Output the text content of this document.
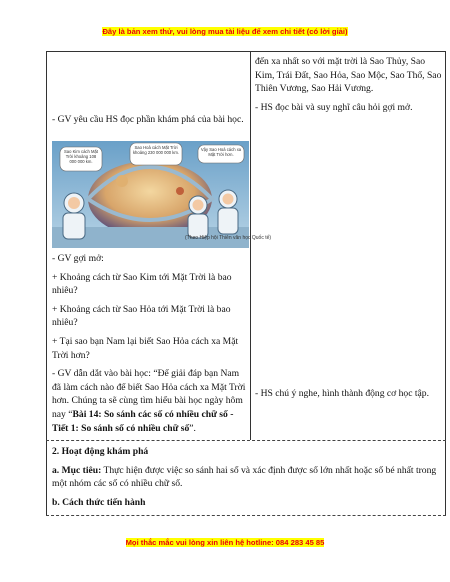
Đây là bản xem thử, vui lòng mua tài liệu để xem chi tiết (có lời giải)
Mọi thắc mắc vui lòng xin liên hệ hotline: 084 283 45 85

- GV yêu cầu HS đọc phần khám phá của bài học.

Sao Kim cách Mặt Trời khoảng 108 000 000 km.
Sao Hoả cách Mặt Trời khoảng 230 000 000 km.
Vậy Sao Hoả cách xa Mặt Trời hơn.
(Theo Hiệp hội Thiên văn học Quốc tế)

- GV gợi mở:

+ Khoảng cách từ Sao Kim tới Mặt Trời là bao nhiêu?

+ Khoảng cách từ Sao Hỏa tới Mặt Trời là bao nhiêu?

+ Tại sao bạn Nam lại biết Sao Hỏa cách xa Mặt Trời hơn?

- GV dẫn dắt vào bài học: “Để giải đáp bạn Nam đã làm cách nào để biết Sao Hỏa cách xa Mặt Trời hơn. Chúng ta sẽ cùng tìm hiểu bài học ngày hôm nay “Bài 14: So sánh các số có nhiều chữ số - Tiết 1: So sánh số có nhiều chữ số”.

đến xa nhất so với mặt trời là Sao Thủy, Sao Kim, Trái Đất, Sao Hỏa, Sao Mộc, Sao Thổ, Sao Thiên Vương, Sao Hải Vương.

- HS đọc bài và suy nghĩ câu hỏi gợi mở.

- HS chú ý nghe, hình thành động cơ học tập.

2. Hoạt động khám phá

a. Mục tiêu: Thực hiện được việc so sánh hai số và xác định được số lớn nhất hoặc số bé nhất trong một nhóm các số có nhiều chữ số.

b. Cách thức tiến hành
